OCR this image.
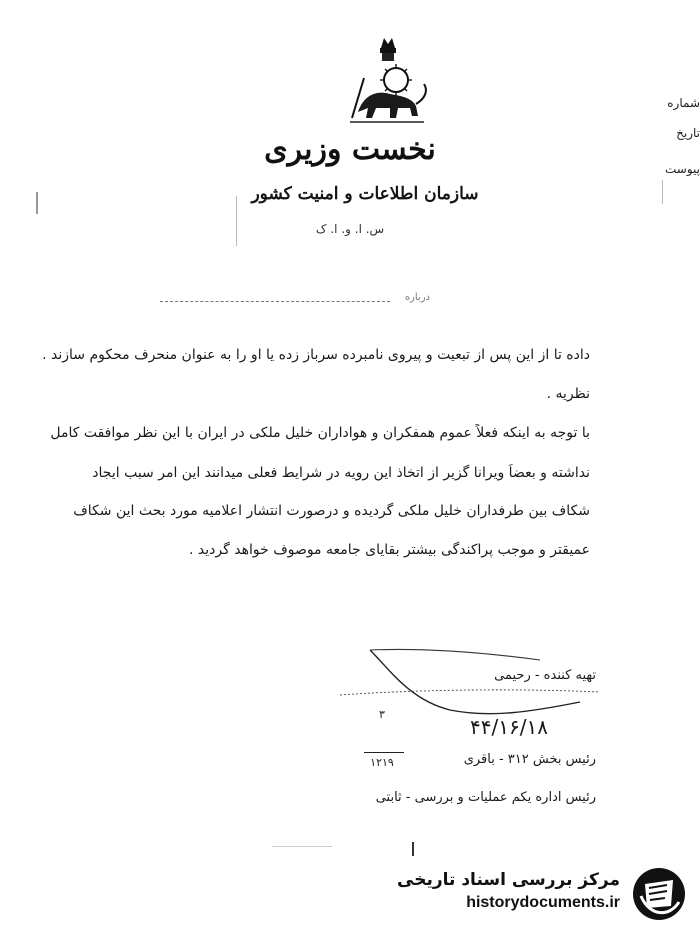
نخست وزیری
سازمان اطلاعات و امنیت کشور
س. ا. و. ا. ک
شماره
تاریخ
پیوست
درباره
داده تا از این پس از تبعیت و پیروی نامبرده سرباز زده یا او را به عنوان منحرف محکوم سازند .
نظریه .
با توجه به اینکه فعلاً عموم همفکران و هواداران خلیل ملکی در ایران با این نظر موافقت کامل
نداشته و بعضاً ویرانا گزیر از اتخاذ این رویه در شرایط فعلی میدانند این امر سبب ایجاد
شکاف بین طرفداران خلیل ملکی گردیده و درصورت انتشار اعلامیه مورد بحث این شکاف
عمیقتر و موجب پراکندگی بیشتر بقایای جامعه موصوف خواهد گردید .
تهیه کننده - رحیمی
۴۴/۱۶/۱۸
۳
۱۲۱۹	رئیس بخش ۳۱۲ - باقری
رئیس اداره یکم عملیات و بررسی - ثابتی
مرکز بررسی اسناد تاریخی
historydocuments.ir
